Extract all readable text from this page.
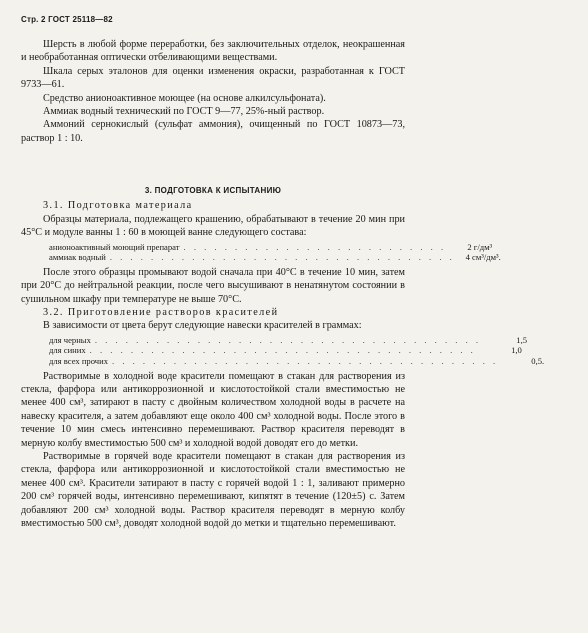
Стр. 2 ГОСТ 25118—82

Шерсть в любой форме переработки, без заключительных отделок, неокрашенная и необработанная оптически отбеливающими веществами.

Шкала серых эталонов для оценки изменения окраски, разработанная к ГОСТ 9733—61.

Средство анионоактивное моющее (на основе алкилсульфоната).

Аммиак водный технический по ГОСТ 9—77, 25%-ный раствор.

Аммоний сернокислый (сульфат аммония), очищенный по ГОСТ 10873—73, раствор 1 : 10.

3. ПОДГОТОВКА К ИСПЫТАНИЮ

3.1. Подготовка материала

Образцы материала, подлежащего крашению, обрабатывают в течение 20 мин при 45°С и модуле ванны 1 : 60 в моющей ванне следующего состава:

анионоактивный моющий препарат . . . . . . . . . . . . . . . . . . . . . . . . . .	2 г/дм³
аммиак водный . . . . . . . . . . . . . . . . . . . . . . . . . . . . . . . . . .	4 см³/дм³.

После этого образцы промывают водой сначала при 40°С в течение 10 мин, затем при 20°С до нейтральной реакции, после чего высушивают в ненатянутом состоянии в сушильном шкафу при температуре не выше 70°С.

3.2. Приготовление растворов красителей

В зависимости от цвета берут следующие навески красителей в граммах:

для черных . . . . . . . . . . . . . . . . . . . . . . . . . . . . . . . . . . . . . .	1,5
для синих . . . . . . . . . . . . . . . . . . . . . . . . . . . . . . . . . . . . . .	1,0
для всех прочих . . . . . . . . . . . . . . . . . . . . . . . . . . . . . . . . . . . . . .	0,5.

Растворимые в холодной воде красители помещают в стакан для растворения из стекла, фарфора или антикоррозионной и кислотостойкой стали вместимостью не менее 400 см³, затирают в пасту с двойным количеством холодной воды в расчете на навеску красителя, а затем добавляют еще около 400 см³ холодной воды. После этого в течение 10 мин смесь интенсивно перемешивают. Раствор красителя переводят в мерную колбу вместимостью 500 см³ и холодной водой доводят его до метки.

Растворимые в горячей воде красители помещают в стакан для растворения из стекла, фарфора или антикоррозионной и кислотостойкой стали вместимостью не менее 400 см³. Красители затирают в пасту с горячей водой 1 : 1, заливают примерно 200 см³ горячей воды, интенсивно перемешивают, кипятят в течение (120±5) с. Затем добавляют 200 см³ холодной воды. Раствор красителя переводят в мерную колбу вместимостью 500 см³, доводят холодной водой до метки и тщательно перемешивают.
